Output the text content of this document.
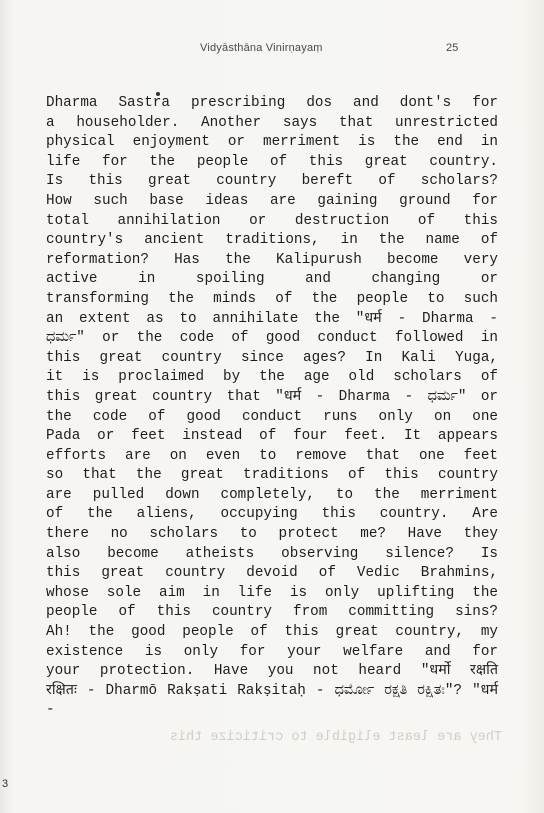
Vidyāsthāna Vinirṇayaṃ	25

Dharma Sastra prescribing dos and dont's for
a householder. Another says that unrestricted
physical enjoyment or merriment is the end in
life for the people of this great country.
Is this great country bereft of scholars?
How such base ideas are gaining ground for
total annihilation or destruction of this
country's ancient traditions, in the name of
reformation? Has the Kalipurush become very
active in spoiling and changing or
transforming the minds of the people to such
an extent as to annihilate the "धर्म - Dharma -
ಧರ್ಮ" or the code of good conduct followed in
this great country since ages? In Kali Yuga,
it is proclaimed by the age old scholars of
this great country that "धर्म - Dharma - ಧರ್ಮ" or
the code of good conduct runs only on one
Pada or feet instead of four feet. It appears
efforts are on even to remove that one feet
so that the great traditions of this country
are pulled down completely, to the merriment
of the aliens, occupying this country. Are
there no scholars to protect me? Have they
also become atheists observing silence? Is
this great country devoid of Vedic Brahmins,
whose sole aim in life is only uplifting the
people of this country from committing sins?
Ah! the good people of this great country, my
existence is only for your welfare and for
your protection. Have you not heard "धर्मो रक्षति
रक्षितः - Dharmō Rakṣati Rakṣitaḥ - ಧರ್ಮೋ ರಕ್ಷತಿ ರಕ್ಷಿತಃ"? "धर्म -

They are least eligible to criticize this
3
